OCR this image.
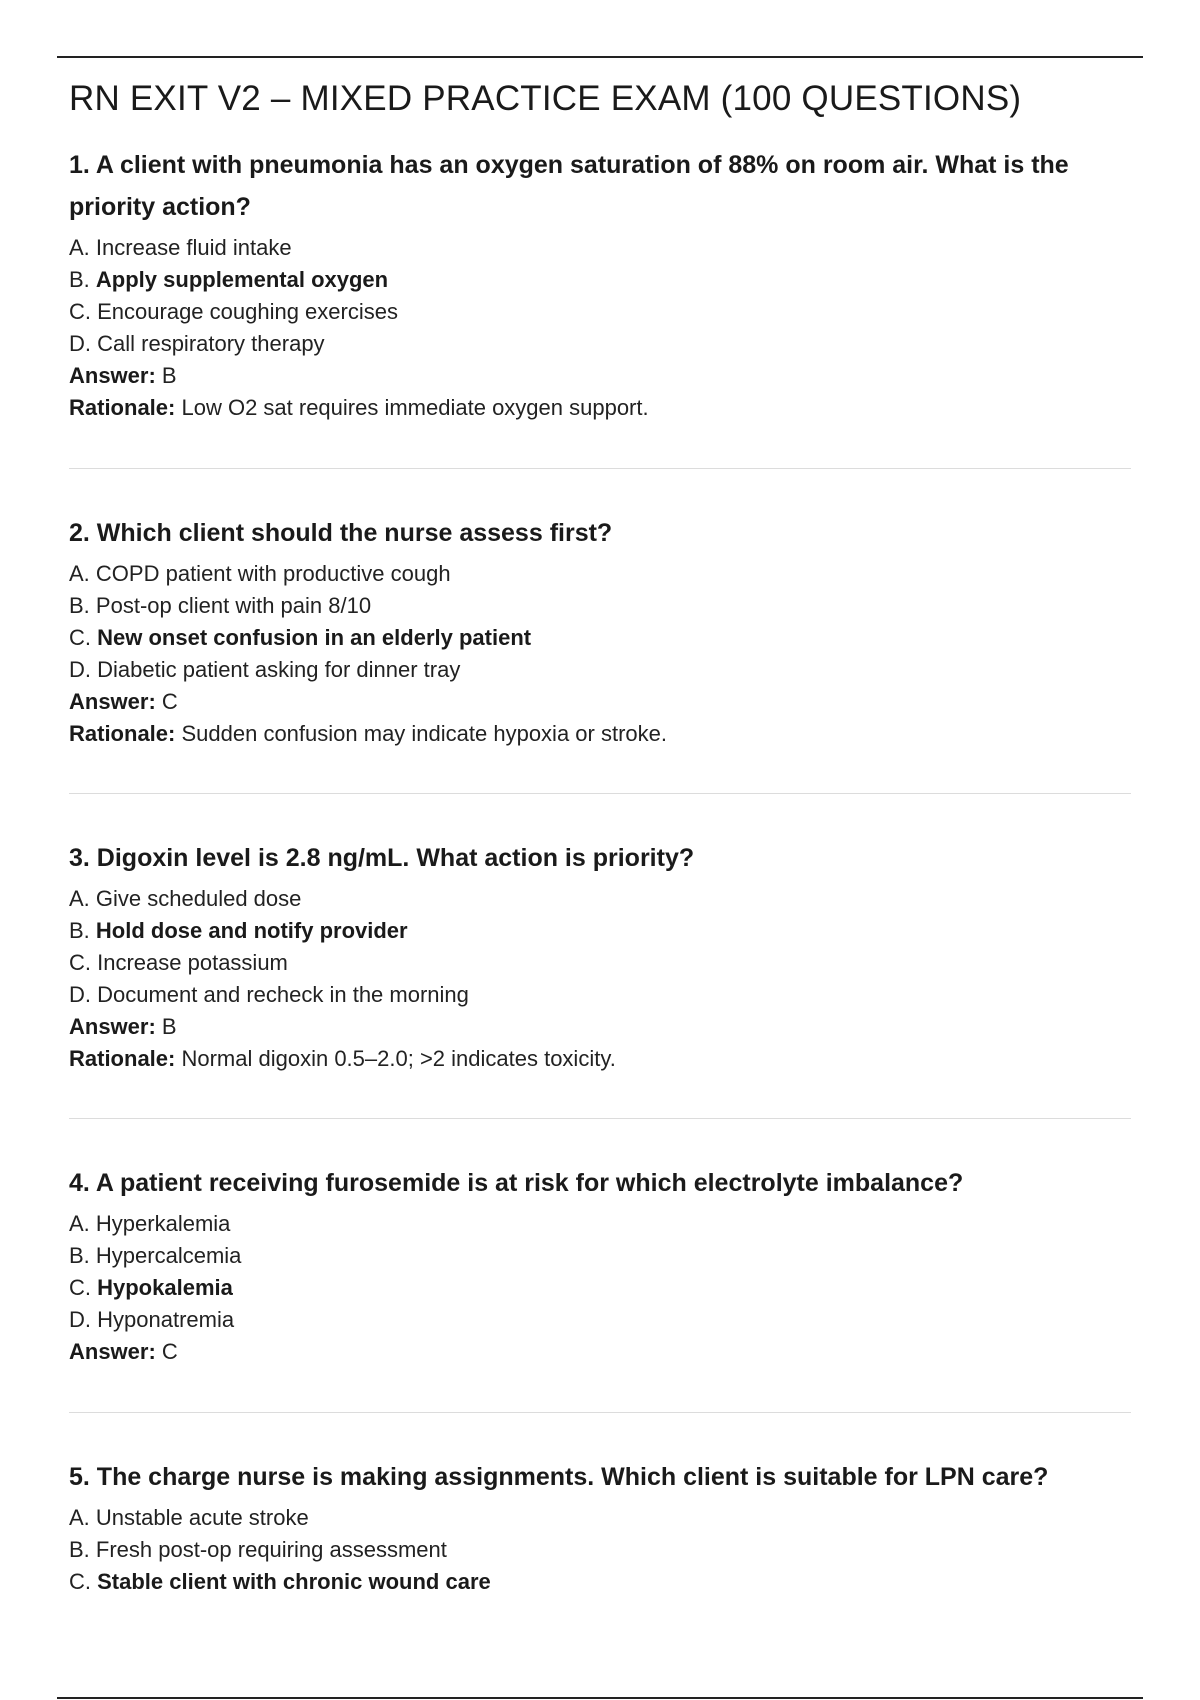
RN EXIT V2 – MIXED PRACTICE EXAM (100 QUESTIONS)

1. A client with pneumonia has an oxygen saturation of 88% on room air. What is the priority action?

A. Increase fluid intake

B. Apply supplemental oxygen

C. Encourage coughing exercises

D. Call respiratory therapy

Answer: B

Rationale: Low O2 sat requires immediate oxygen support.

2. Which client should the nurse assess first?

A. COPD patient with productive cough

B. Post-op client with pain 8/10

C. New onset confusion in an elderly patient

D. Diabetic patient asking for dinner tray

Answer: C

Rationale: Sudden confusion may indicate hypoxia or stroke.

3. Digoxin level is 2.8 ng/mL. What action is priority?

A. Give scheduled dose

B. Hold dose and notify provider

C. Increase potassium

D. Document and recheck in the morning

Answer: B

Rationale: Normal digoxin 0.5–2.0; >2 indicates toxicity.

4. A patient receiving furosemide is at risk for which electrolyte imbalance?

A. Hyperkalemia

B. Hypercalcemia

C. Hypokalemia

D. Hyponatremia

Answer: C

5. The charge nurse is making assignments. Which client is suitable for LPN care?

A. Unstable acute stroke

B. Fresh post-op requiring assessment

C. Stable client with chronic wound care
